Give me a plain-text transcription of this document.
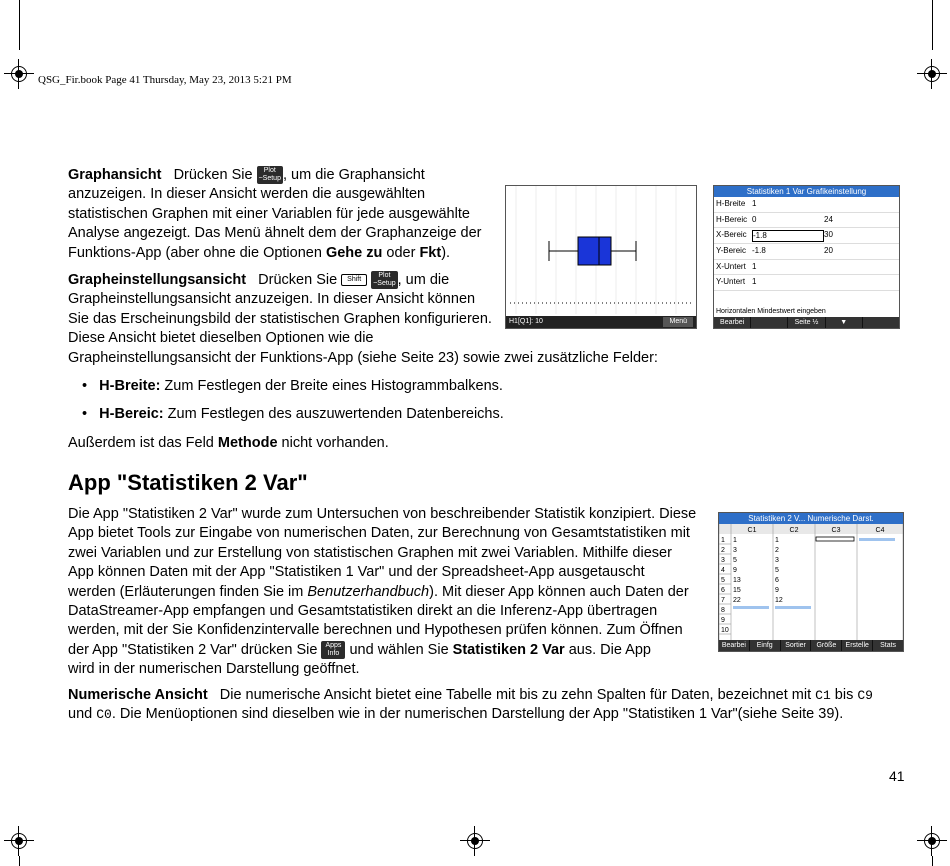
QSG_Fir.book Page 41 Thursday, May 23, 2013 5:21 PM
Graphansicht Drücken Sie Plot
~Setup , um die Graphansicht
anzuzeigen. In dieser Ansicht werden die ausgewählten
statistischen Graphen mit einer Variablen für jede ausgewählte
Analyse angezeigt. Das Menü ähnelt dem der Graphanzeige der
Funktions-App (aber ohne die Optionen Gehe zu oder Fkt).
Grapheinstellungsansicht Drücken Sie Shift Plot
~Setup , um die
Grapheinstellungsansicht anzuzeigen. In dieser Ansicht können
Sie das Erscheinungsbild der statistischen Graphen konfigurieren.
Diese Ansicht bietet dieselben Optionen wie die
Grapheinstellungsansicht der Funktions-App (siehe Seite 23) sowie zwei zusätzliche Felder:
•   H-Breite: Zum Festlegen der Breite eines Histogrammbalkens.
•   H-Bereic: Zum Festlegen des auszuwertenden Datenbereichs.
Außerdem ist das Feld Methode nicht vorhanden.
App "Statistiken 2 Var"
Die App "Statistiken 2 Var" wurde zum Untersuchen von beschreibender Statistik konzipiert. Diese
App bietet Tools zur Eingabe von numerischen Daten, zur Berechnung von Gesamtstatistiken mit
zwei Variablen und zur Erstellung von statistischen Graphen mit zwei Variablen. Mithilfe dieser
App können Daten mit der App "Statistiken 1 Var" und der Spreadsheet-App ausgetauscht
werden (Erläuterungen finden Sie im Benutzerhandbuch). Mit dieser App können auch Daten der
DataStreamer-App empfangen und Gesamtstatistiken direkt an die Inferenz-App übertragen
werden, mit der Sie Konfidenzintervalle berechnen und Hypothesen prüfen können. Zum Öffnen
der App "Statistiken 2 Var" drücken Sie Apps
Info und wählen Sie Statistiken 2 Var aus. Die App
wird in der numerischen Darstellung geöffnet.
Numerische Ansicht Die numerische Ansicht bietet eine Tabelle mit bis zu zehn Spalten für Daten, bezeichnet mit C1 bis C9
und C0. Die Menüoptionen sind dieselben wie in der numerischen Darstellung der App "Statistiken 1 Var"(siehe Seite 39).
41
H1[Q1]: 10	Menü
Statistiken 1 Var Grafikeinstellung
H-Breite 1
H-Bereic 0	24
X-Bereic -1.8	30
Y-Bereic -1.8	20
X-Untert 1
Y-Untert 1
Horizontalen Mindestwert eingeben
Bearbei	Seite ½	▼
Statistiken 2 V... Numerische Darst.
C1	C2	C3	C4
1 1	1
2 3	2
3 5	3
4 9	5
5 13	6
6 15	9
7 22	12
8
9
10
Bearbei	Einfg	Sortier	Größe	Erstelle	Stats
